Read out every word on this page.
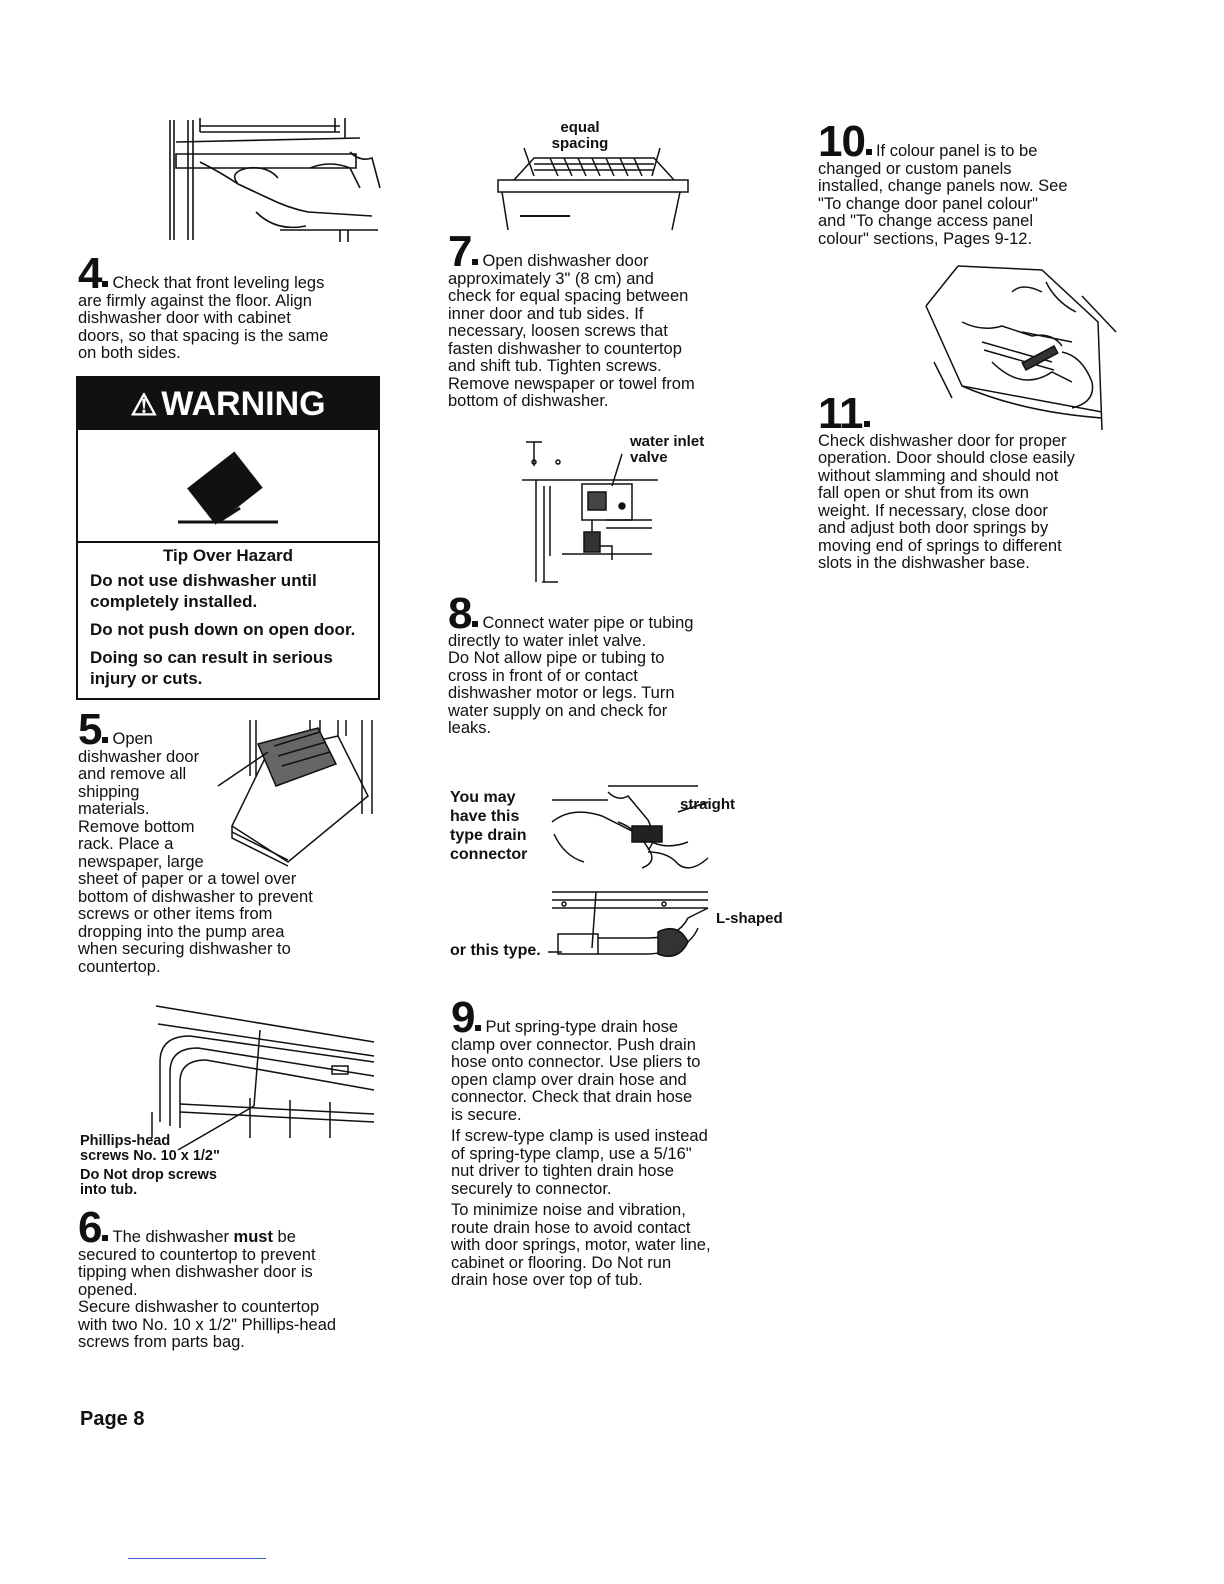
4 Check that front leveling legs
are firmly against the floor. Align
dishwasher door with cabinet
doors, so that spacing is the same
on both sides.
⚠ WARNING
Tip Over Hazard
Do not use dishwasher until
completely installed.
Do not push down on open door.
Doing so can result in serious
injury or cuts.
5 Open
dishwasher door
and remove all
shipping
materials.
Remove bottom
rack. Place a
newspaper, large
sheet of paper or a towel over
bottom of dishwasher to prevent
screws or other items from
dropping into the pump area
when securing dishwasher to
countertop.
Phillips-head
screws No. 10 x 1/2"
Do Not drop screws
into tub.
6 The dishwasher must be
secured to countertop to prevent
tipping when dishwasher door is
opened.
Secure dishwasher to countertop
with two No. 10 x 1/2" Phillips-head
screws from parts bag.
Page 8
equal
spacing
7 Open dishwasher door
approximately 3" (8 cm) and
check for equal spacing between
inner door and tub sides. If
necessary, loosen screws that
fasten dishwasher to countertop
and shift tub. Tighten screws.
Remove newspaper or towel from
bottom of dishwasher.
water inlet
valve
8 Connect water pipe or tubing
directly to water inlet valve.
Do Not allow pipe or tubing to
cross in front of or contact
dishwasher motor or legs. Turn
water supply on and check for
leaks.
You may
have this
type drain
connector
straight
L-shaped
or this type.
9 Put spring-type drain hose
clamp over connector. Push drain
hose onto connector. Use pliers to
open clamp over drain hose and
connector. Check that drain hose
is secure.
If screw-type clamp is used instead
of spring-type clamp, use a 5/16"
nut driver to tighten drain hose
securely to connector.
To minimize noise and vibration,
route drain hose to avoid contact
with door springs, motor, water line,
cabinet or flooring. Do Not run
drain hose over top of tub.
10 If colour panel is to be
changed or custom panels
installed, change panels now. See
"To change door panel colour"
and "To change access panel
colour" sections, Pages 9-12.
11
Check dishwasher door for proper
operation. Door should close easily
without slamming and should not
fall open or shut from its own
weight. If necessary, close door
and adjust both door springs by
moving end of springs to different
slots in the dishwasher base.
